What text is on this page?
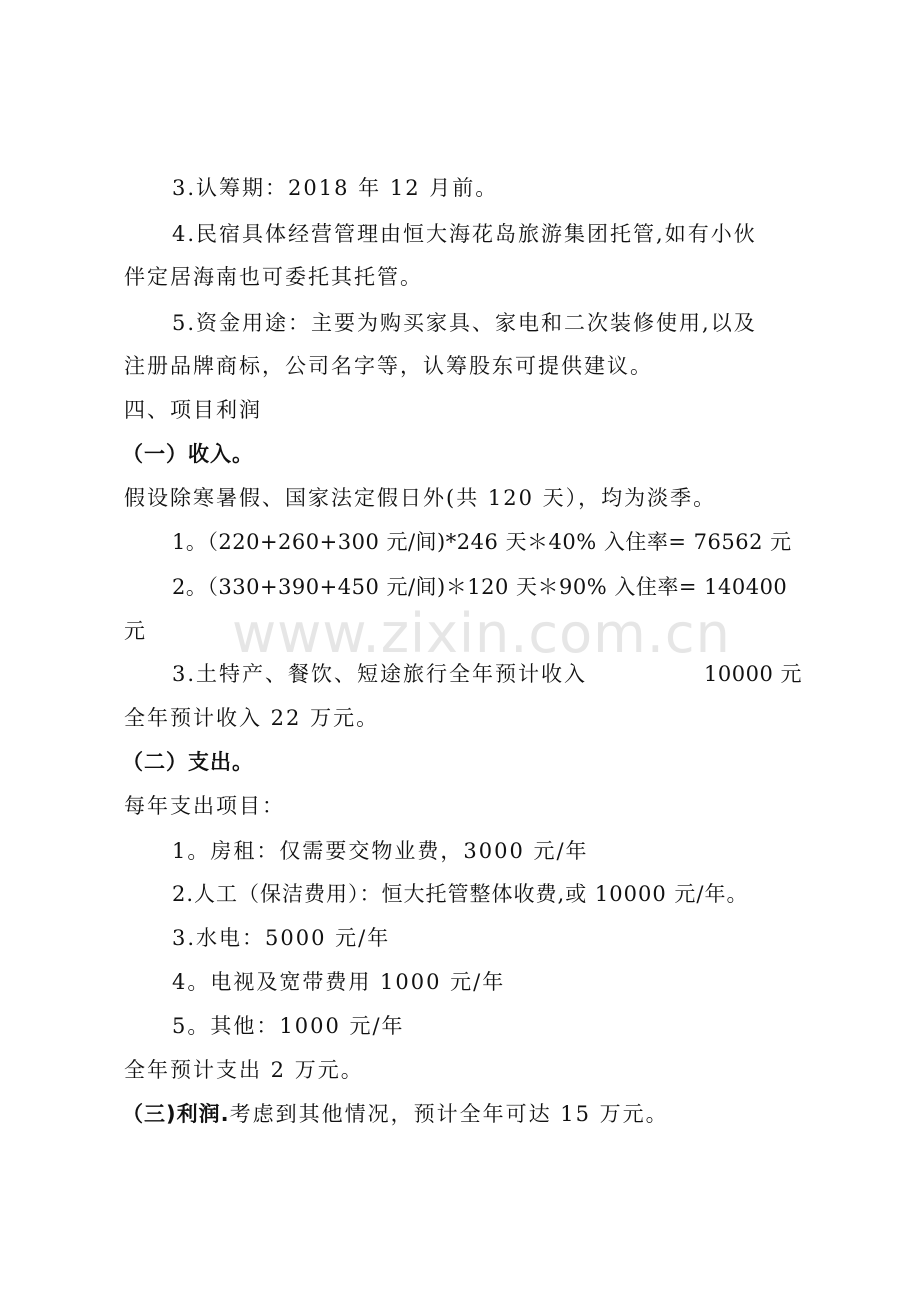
www.zixin.com.cn
3.认筹期：2018 年 12 月前。
4.民宿具体经营管理由恒大海花岛旅游集团托管,如有小伙
伴定居海南也可委托其托管。
5.资金用途：主要为购买家具、家电和二次装修使用,以及
注册品牌商标，公司名字等，认筹股东可提供建议。
四、项目利润
（一）收入。
假设除寒暑假、国家法定假日外(共 120 天），均为淡季。
1。（220+260+300 元/间)*246 天＊40% 入住率= 76562 元
2。（330+390+450 元/间)＊120 天＊90% 入住率= 140400
元
3.土特产、餐饮、短途旅行全年预计收入	10000 元
全年预计收入 22 万元。
（二）支出。
每年支出项目：
1。房租：仅需要交物业费，3000 元/年
2.人工（保洁费用）：恒大托管整体收费,或 10000 元/年。
3.水电：5000 元/年
4。电视及宽带费用 1000 元/年
5。其他：1000 元/年
全年预计支出 2 万元。
（三)利润.考虑到其他情况，预计全年可达 15 万元。
